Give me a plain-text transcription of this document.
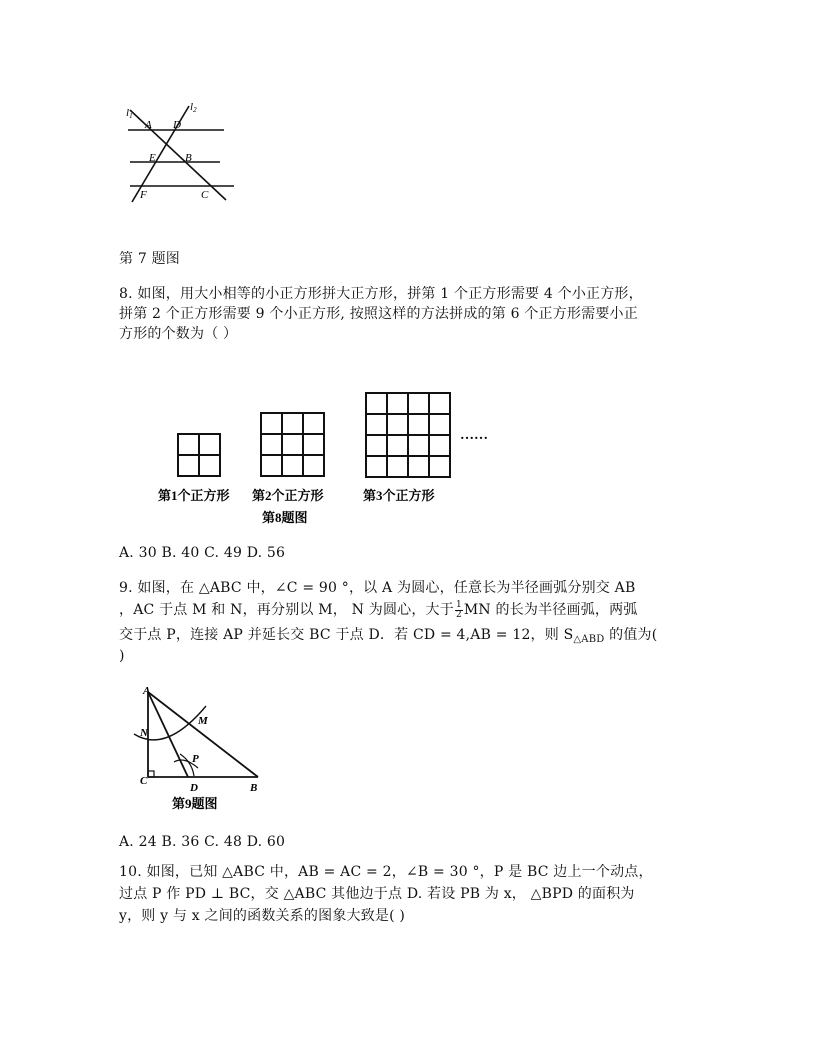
l1
l2
A D
E	B
F	C
第 7 题图
8. 如图，用大小相等的小正方形拼大正方形，拼第 1 个正方形需要 4 个小正方形，
拼第 2 个正方形需要 9 个小正方形, 按照这样的方法拼成的第 6 个正方形需要小正
方形的个数为（ ）
……
第1个正方形 第2个正方形	第3个正方形
第8题图
A. 30 B. 40 C. 49 D. 56
9. 如图，在 △ABC 中，∠C = 90 °，以 A 为圆心，任意长为半径画弧分别交 AB
，AC 于点 M 和 N，再分别以 M， N 为圆心，大于 $\frac{1}{2}$ MN 的长为半径画弧，两弧
交于点 P，连接 AP 并延长交 BC 于点 D．若 CD = 4,AB = 12，则 $S_{\triangle ABD}$ 的值为(
)
A
N
M
P
C
D	B
第9题图
A. 24 B. 36 C. 48 D. 60
10. 如图，已知 △ABC 中，AB = AC = 2，∠B = 30 °，P 是 BC 边上一个动点，
过点 P 作 PD ⊥ BC，交 △ABC 其他边于点 D. 若设 PB 为 x， △BPD 的面积为
y，则 y 与 x 之间的函数关系的图象大致是( )
